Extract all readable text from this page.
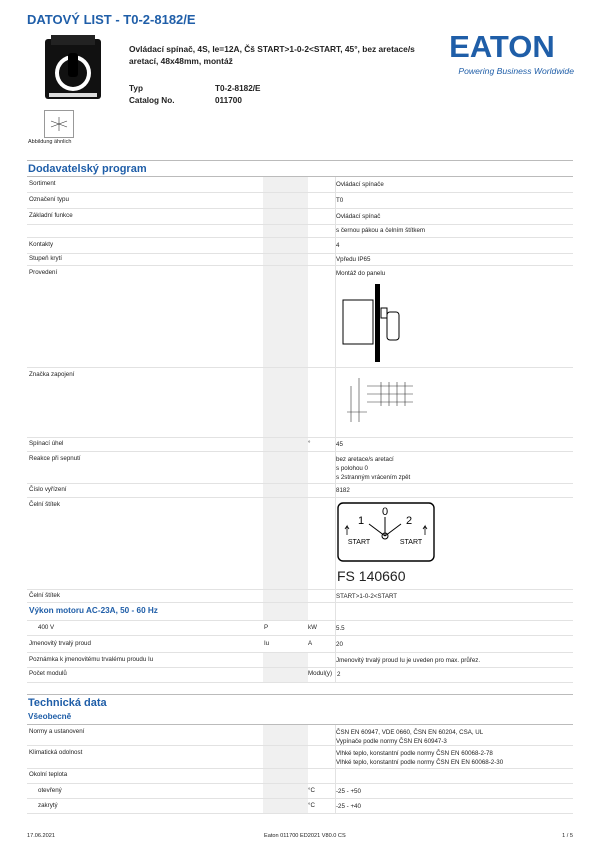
DATOVÝ LIST - T0-2-8182/E
Ovládací spínač, 4S, Ie=12A, Čš START>1-0-2<START, 45°, bez aretace/s aretací, 48x48mm, montáž	EATON
Powering Business Worldwide
Typ	T0-2-8182/E
Catalog No.	011700
Abbildung ähnlich
Dodavatelský program
Sortiment	Ovládací spínače
Označení typu	T0
Základní funkce	Ovládací spínač
s černou pákou a čelním štítkem
Kontakty	4
Stupeň krytí	Vpředu IP65
Provedení	Montáž do panelu
Značka zapojení
Spínací úhel	°	45
Reakce při sepnutí	bez aretace/s aretací
s polohou 0
s 2stranným vrácením zpět
Číslo vyřízení	8182
Čelní štítek
0
1	2
START	START
FS 140660
Čelní štítek	START>1-0-2<START
Výkon motoru AC-23A, 50 - 60 Hz
400 V	P	kW	5.5
Jmenovitý trvalý proud	Iu	A	20
Poznámka k jmenovitému trvalému proudu Iu	Jmenovitý trvalý proud Iu je uveden pro max. průřez.
Počet modulů	Modul(y) 2
Technická data
Všeobecně
Normy a ustanovení	ČSN EN 60947, VDE 0660, ČSN EN 60204, CSA, UL
Vypínače podle normy ČSN EN 60947-3
Klimatická odolnost	Vlhké teplo, konstantní podle normy ČSN EN 60068-2-78
Vlhké teplo, konstantní podle normy ČSN EN EN 60068-2-30
Okolní teplota
otevřený	°C	-25 - +50
zakrytý	°C	-25 - +40
17.06.2021	Eaton 011700 ED2021 V80.0 CS	1 / 5
